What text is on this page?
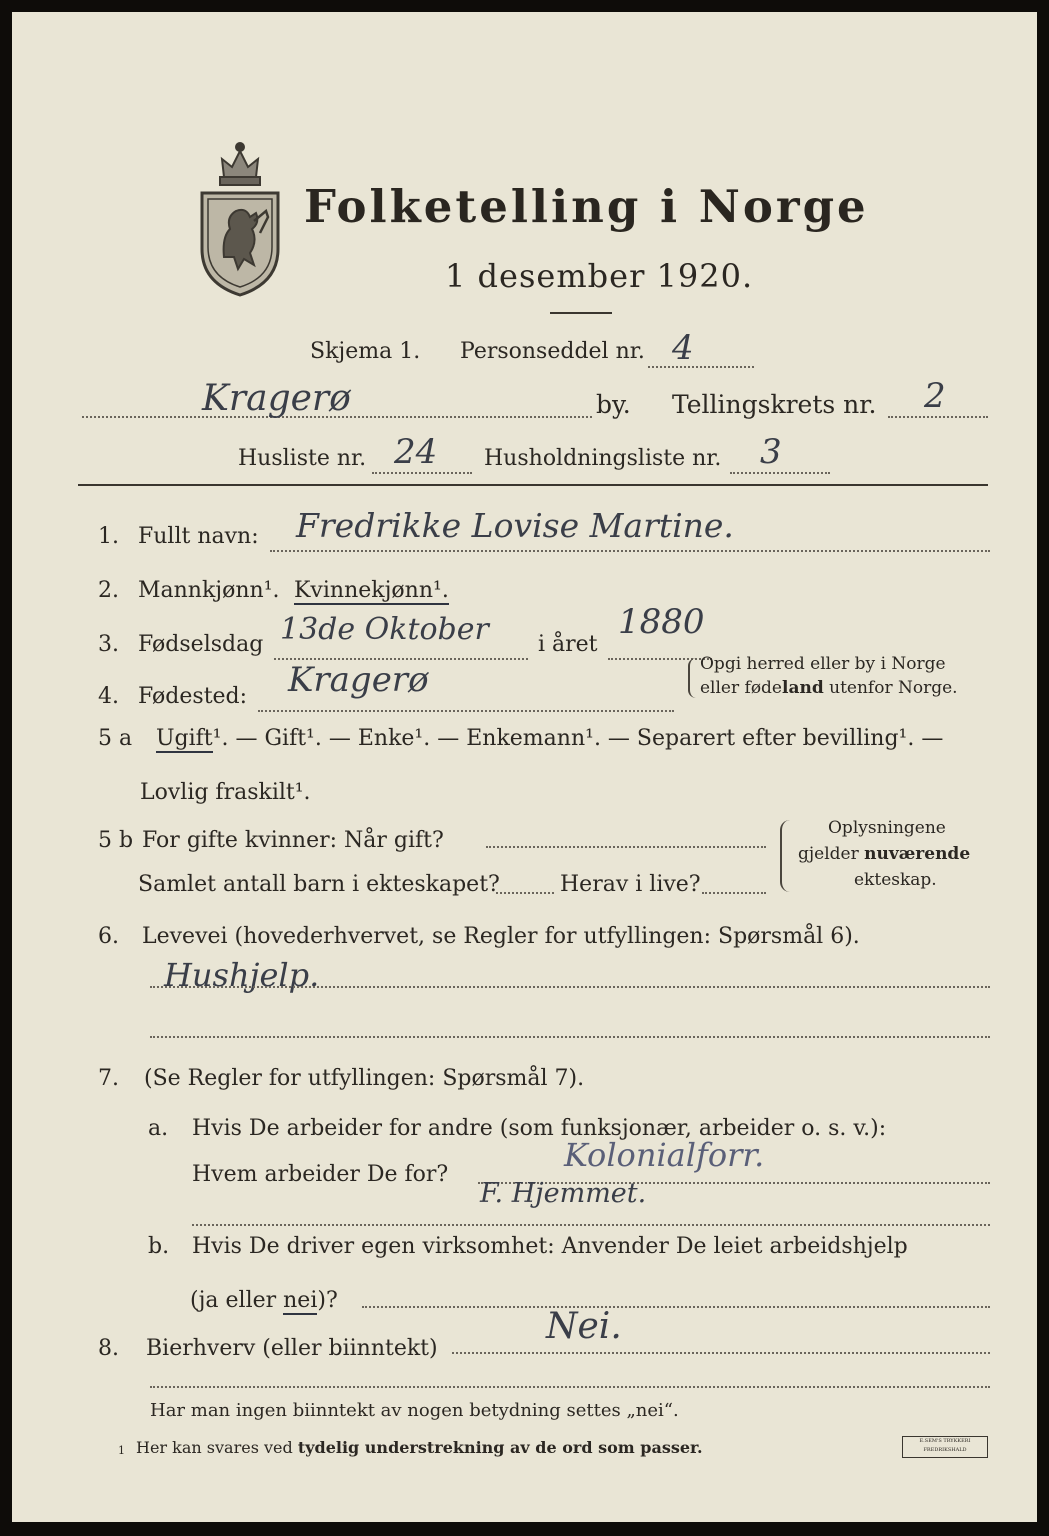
Folketelling i Norge
1 desember 1920.
Skjema 1. Personseddel nr. 4
Kragerø	by. Tellingskrets nr. 2
Husliste nr. 24 Husholdningsliste nr. 3
1. Fullt navn: Fredrikke Lovise Martine.
2. Mannkjønn¹. Kvinnekjønn¹.
3. Fødselsdag 13de Oktober i året
1880
4. Fødested: Kragerø	Opgi herred eller by i Norge
eller fødeland utenfor Norge.
5 a Ugift¹. — Gift¹. — Enke¹. — Enkemann¹. — Separert efter bevilling¹. —
Lovlig fraskilt¹.
5 b For gifte kvinner: Når gift?
Samlet antall barn i ekteskapet?	Herav i live?
Oplysningene
gjelder nuværende
ekteskap.
6. Levevei (hovederhvervet, se Regler for utfyllingen: Spørsmål 6).
Hushjelp.
7. (Se Regler for utfyllingen: Spørsmål 7).
a. Hvis De arbeider for andre (som funksjonær, arbeider o. s. v.):
Hvem arbeider De for?
Kolonialforr.
F. Hjemmet.
b. Hvis De driver egen virksomhet: Anvender De leiet arbeidshjelp
(ja eller nei)?
8. Bierhverv (eller biinntekt)
Nei.
Har man ingen biinntekt av nogen betydning settes „nei“.
1 Her kan svares ved tydelig understrekning av de ord som passer.	E.SEM'S TRYKKERI
FREDRIKSHALD
